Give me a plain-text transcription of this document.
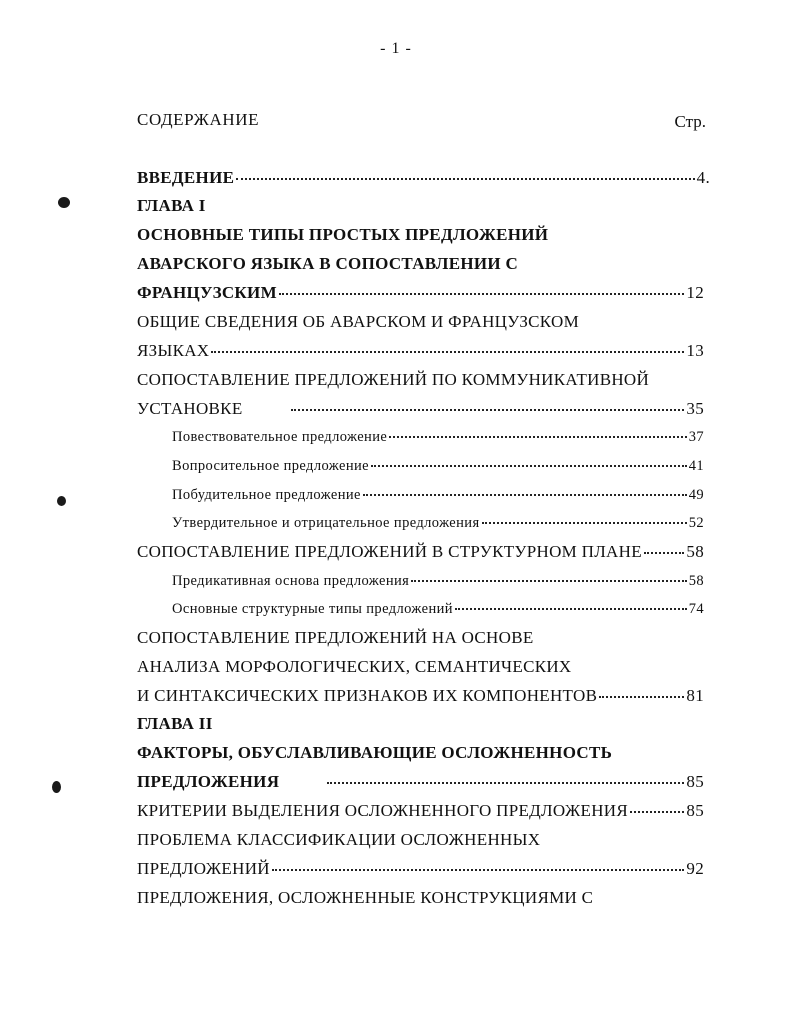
- 1 -
СОДЕРЖАНИЕ	Стр.
ВВЕДЕНИЕ	4.
ГЛАВА I
ОСНОВНЫЕ ТИПЫ ПРОСТЫХ ПРЕДЛОЖЕНИЙ
АВАРСКОГО ЯЗЫКА В СОПОСТАВЛЕНИИ С
ФРАНЦУЗСКИМ	12
ОБЩИЕ СВЕДЕНИЯ ОБ АВАРСКОМ И ФРАНЦУЗСКОМ
ЯЗЫКАХ	13
СОПОСТАВЛЕНИЕ ПРЕДЛОЖЕНИЙ ПО КОММУНИКАТИВНОЙ
УСТАНОВКЕ	35
Повествовательное предложение	37
Вопросительное предложение	41
Побудительное предложение	49
Утвердительное и отрицательное предложения	52
СОПОСТАВЛЕНИЕ ПРЕДЛОЖЕНИЙ В СТРУКТУРНОМ ПЛАНЕ	58
Предикативная основа предложения	58
Основные структурные типы предложений	74
СОПОСТАВЛЕНИЕ ПРЕДЛОЖЕНИЙ НА ОСНОВЕ
АНАЛИЗА МОРФОЛОГИЧЕСКИХ, СЕМАНТИЧЕСКИХ
И СИНТАКСИЧЕСКИХ ПРИЗНАКОВ ИХ КОМПОНЕНТОВ	81
ГЛАВА II
ФАКТОРЫ, ОБУСЛАВЛИВАЮЩИЕ ОСЛОЖНЕННОСТЬ
ПРЕДЛОЖЕНИЯ	85
КРИТЕРИИ ВЫДЕЛЕНИЯ ОСЛОЖНЕННОГО ПРЕДЛОЖЕНИЯ	85
ПРОБЛЕМА КЛАССИФИКАЦИИ ОСЛОЖНЕННЫХ
ПРЕДЛОЖЕНИЙ	92
ПРЕДЛОЖЕНИЯ, ОСЛОЖНЕННЫЕ КОНСТРУКЦИЯМИ С
